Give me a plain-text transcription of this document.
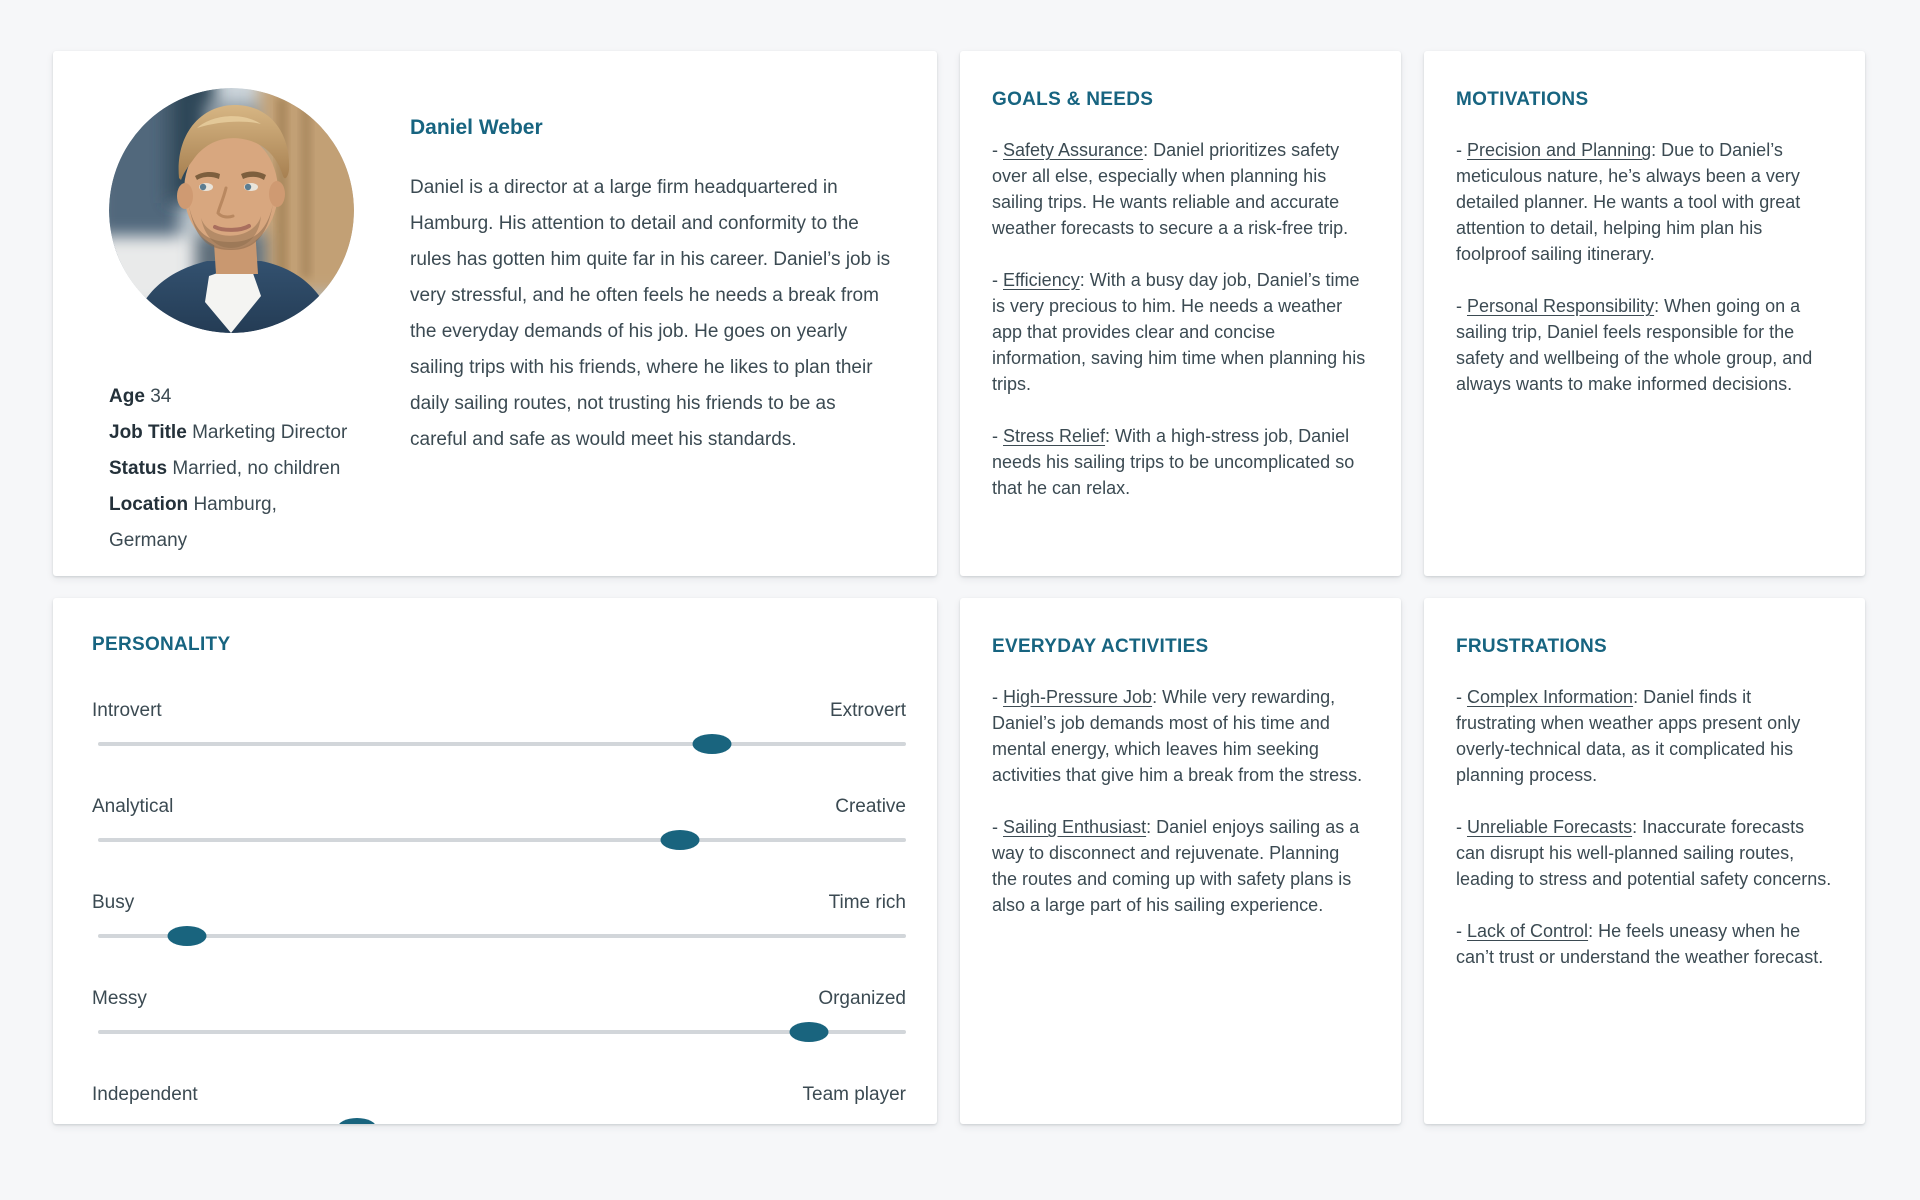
Age 34
Job Title Marketing Director
Status Married, no children
Location Hamburg, Germany
Daniel Weber

Daniel is a director at a large firm headquartered in Hamburg. His attention to detail and conformity to the rules has gotten him quite far in his career. Daniel’s job is very stressful, and he often feels he needs a break from the everyday demands of his job. He goes on yearly sailing trips with his friends, where he likes to plan their daily sailing routes, not trusting his friends to be as careful and safe as would meet his standards.

GOALS & NEEDS

- Safety Assurance: Daniel prioritizes safety over all else, especially when planning his sailing trips. He wants reliable and accurate weather forecasts to secure a a risk-free trip.

- Efficiency: With a busy day job, Daniel’s time is very precious to him. He needs a weather app that provides clear and concise information, saving him time when planning his trips.

- Stress Relief: With a high-stress job, Daniel needs his sailing trips to be uncomplicated so that he can relax.

MOTIVATIONS

- Precision and Planning: Due to Daniel’s meticulous nature, he’s always been a very detailed planner. He wants a tool with great attention to detail, helping him plan his foolproof sailing itinerary.

- Personal Responsibility: When going on a sailing trip, Daniel feels responsible for the safety and wellbeing of the whole group, and always wants to make informed decisions.

PERSONALITY
Introvert	Extrovert
Analytical	Creative
Busy	Time rich
Messy	Organized
Independent	Team player
EVERYDAY ACTIVITIES

- High-Pressure Job: While very rewarding, Daniel’s job demands most of his time and mental energy, which leaves him seeking activities that give him a break from the stress.

- Sailing Enthusiast: Daniel enjoys sailing as a way to disconnect and rejuvenate. Planning the routes and coming up with safety plans is also a large part of his sailing experience.

FRUSTRATIONS

- Complex Information: Daniel finds it frustrating when weather apps present only overly-technical data, as it complicated his planning process.

- Unreliable Forecasts: Inaccurate forecasts can disrupt his well-planned sailing routes, leading to stress and potential safety concerns.

- Lack of Control: He feels uneasy when he can’t trust or understand the weather forecast.
